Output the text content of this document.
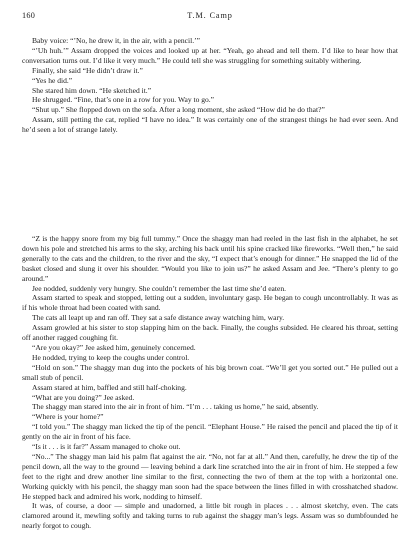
160	T.M. Camp

Baby voice: “’No, he drew it, in the air, with a pencil.’”

“’Uh huh.’” Assam dropped the voices and looked up at her. “Yeah, go ahead and tell them. I’d like to hear how that conversation turns out. I’d like it very much.” He could tell she was struggling for something suitably withering.

Finally, she said “He didn’t draw it.”

“Yes he did.”

She stared him down. “He sketched it.”

He shrugged. “Fine, that’s one in a row for you. Way to go.”

“Shut up.” She flopped down on the sofa. After a long moment, she asked “How did he do that?”

Assam, still petting the cat, replied “I have no idea.” It was certainly one of the strangest things he had ever seen. And he’d seen a lot of strange lately.

“Z is the happy snore from my big full tummy.” Once the shaggy man had reeled in the last fish in the alphabet, he set down his pole and stretched his arms to the sky, arching his back until his spine cracked like fireworks. “Well then,” he said generally to the cats and the children, to the river and the sky, “I expect that’s enough for dinner.” He snapped the lid of the basket closed and slung it over his shoulder. “Would you like to join us?” he asked Assam and Jee. “There’s plenty to go around.”

Jee nodded, suddenly very hungry. She couldn’t remember the last time she’d eaten.

Assam started to speak and stopped, letting out a sudden, involuntary gasp. He began to cough uncontrollably. It was as if his whole throat had been coated with sand.

The cats all leapt up and ran off. They sat a safe distance away watching him, wary.

Assam growled at his sister to stop slapping him on the back. Finally, the coughs subsided. He cleared his throat, setting off another ragged coughing fit.

“Are you okay?” Jee asked him, genuinely concerned.

He nodded, trying to keep the coughs under control.

“Hold on son.” The shaggy man dug into the pockets of his big brown coat. “We’ll get you sorted out.” He pulled out a small stub of pencil.

Assam stared at him, baffled and still half-choking.

“What are you doing?” Jee asked.

The shaggy man stared into the air in front of him. “I’m . . . taking us home,” he said, absently.

“Where is your home?”

“I told you.” The shaggy man licked the tip of the pencil. “Elephant House.” He raised the pencil and placed the tip of it gently on the air in front of his face.

“Is it . . . is it far?” Assam managed to choke out.

“No...” The shaggy man laid his palm flat against the air. “No, not far at all.” And then, carefully, he drew the tip of the pencil down, all the way to the ground — leaving behind a dark line scratched into the air in front of him. He stepped a few feet to the right and drew another line similar to the first, connecting the two of them at the top with a horizontal one. Working quickly with his pencil, the shaggy man soon had the space between the lines filled in with crosshatched shadow. He stepped back and admired his work, nodding to himself.

It was, of course, a door — simple and unadorned, a little bit rough in places . . . almost sketchy, even. The cats clamored around it, mewling softly and taking turns to rub against the shaggy man’s legs. Assam was so dumbfounded he nearly forgot to cough.
